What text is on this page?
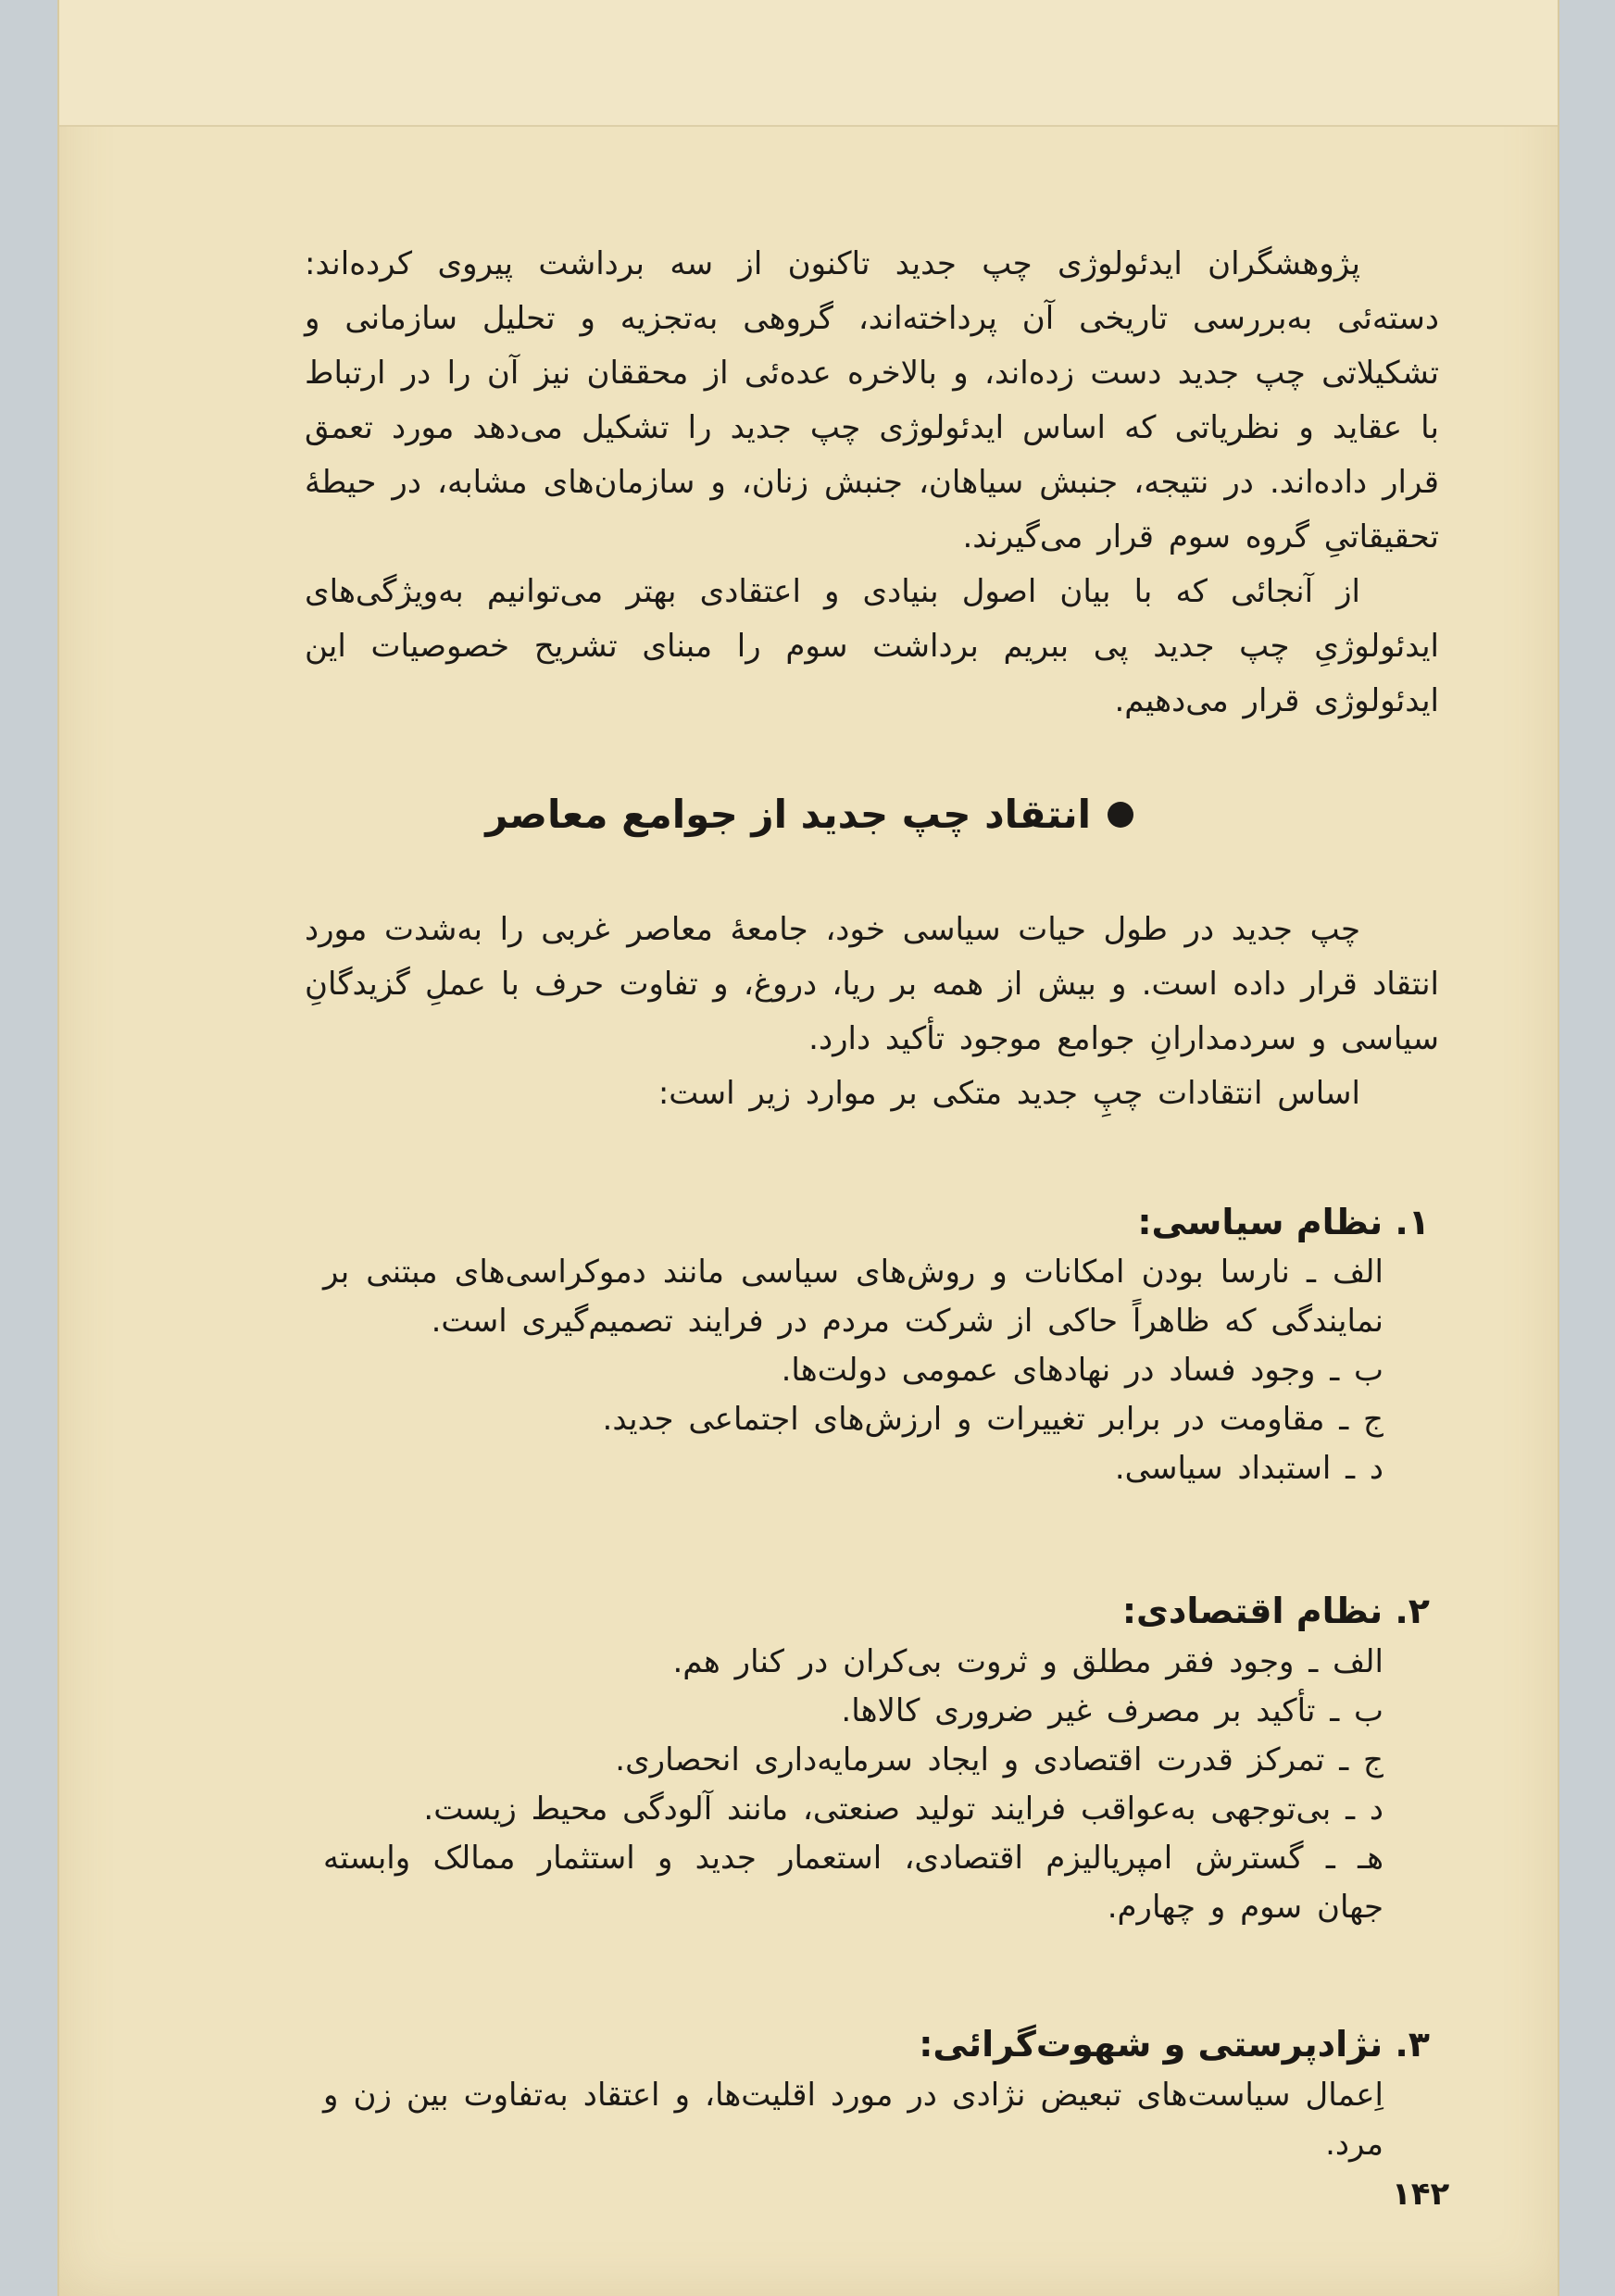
پژوهشگران ایدئولوژی چپ جدید تاکنون از سه برداشت پیروی کرده‌اند: دسته‌ئی به‌بررسی تاریخی آن پرداخته‌اند، گروهی به‌تجزیه و تحلیل سازمانی و تشکیلاتی چپ جدید دست زده‌اند، و بالاخره عده‌ئی از محققان نیز آن را در ارتباط با عقاید و نظریاتی که اساس ایدئولوژی چپ جدید را تشکیل می‌دهد مورد تعمق قرار داده‌اند. در نتیجه، جنبش سیاهان، جنبش زنان، و سازمان‌های مشابه، در حیطهٔ تحقیقاتیِ گروه سوم قرار می‌گیرند.

از آنجائی که با بیان اصول بنیادی و اعتقادی بهتر می‌توانیم به‌ویژگی‌های ایدئولوژیِ چپ جدید پی ببریم برداشت سوم را مبنای تشریح خصوصیات این ایدئولوژی قرار می‌دهیم.

انتقاد چپ جدید از جوامع معاصر

چپ جدید در طول حیات سیاسی خود، جامعهٔ معاصر غربی را به‌شدت مورد انتقاد قرار داده است. و بیش از همه بر ریا، دروغ، و تفاوت حرف با عملِ گزیدگانِ سیاسی و سردمدارانِ جوامع موجود تأکید دارد.

اساس انتقادات چپِ جدید متکی بر موارد زیر است:

۱. نظام سیاسی:

الف ـ نارسا بودن امکانات و روش‌های سیاسی مانند دموکراسی‌های مبتنی بر نمایندگی که ظاهراً حاکی از شرکت مردم در فرایند تصمیم‌گیری است.

ب ـ وجود فساد در نهادهای عمومی دولت‌ها.

ج ـ مقاومت در برابر تغییرات و ارزش‌های اجتماعی جدید.

د ـ استبداد سیاسی.

۲. نظام اقتصادی:

الف ـ وجود فقر مطلق و ثروت بی‌کران در کنار هم.

ب ـ تأکید بر مصرف غیر ضروری کالاها.

ج ـ تمرکز قدرت اقتصادی و ایجاد سرمایه‌داری انحصاری.

د ـ بی‌توجهی به‌عواقب فرایند تولید صنعتی، مانند آلودگی محیط زیست.

هـ ـ گسترش امپریالیزم اقتصادی، استعمار جدید و استثمار ممالک وابسته جهان سوم و چهارم.

۳. نژادپرستی و شهوت‌گرائی:

اِعمال سیاست‌های تبعیض نژادی در مورد اقلیت‌ها، و اعتقاد به‌تفاوت بین زن و مرد.

۱۴۲
